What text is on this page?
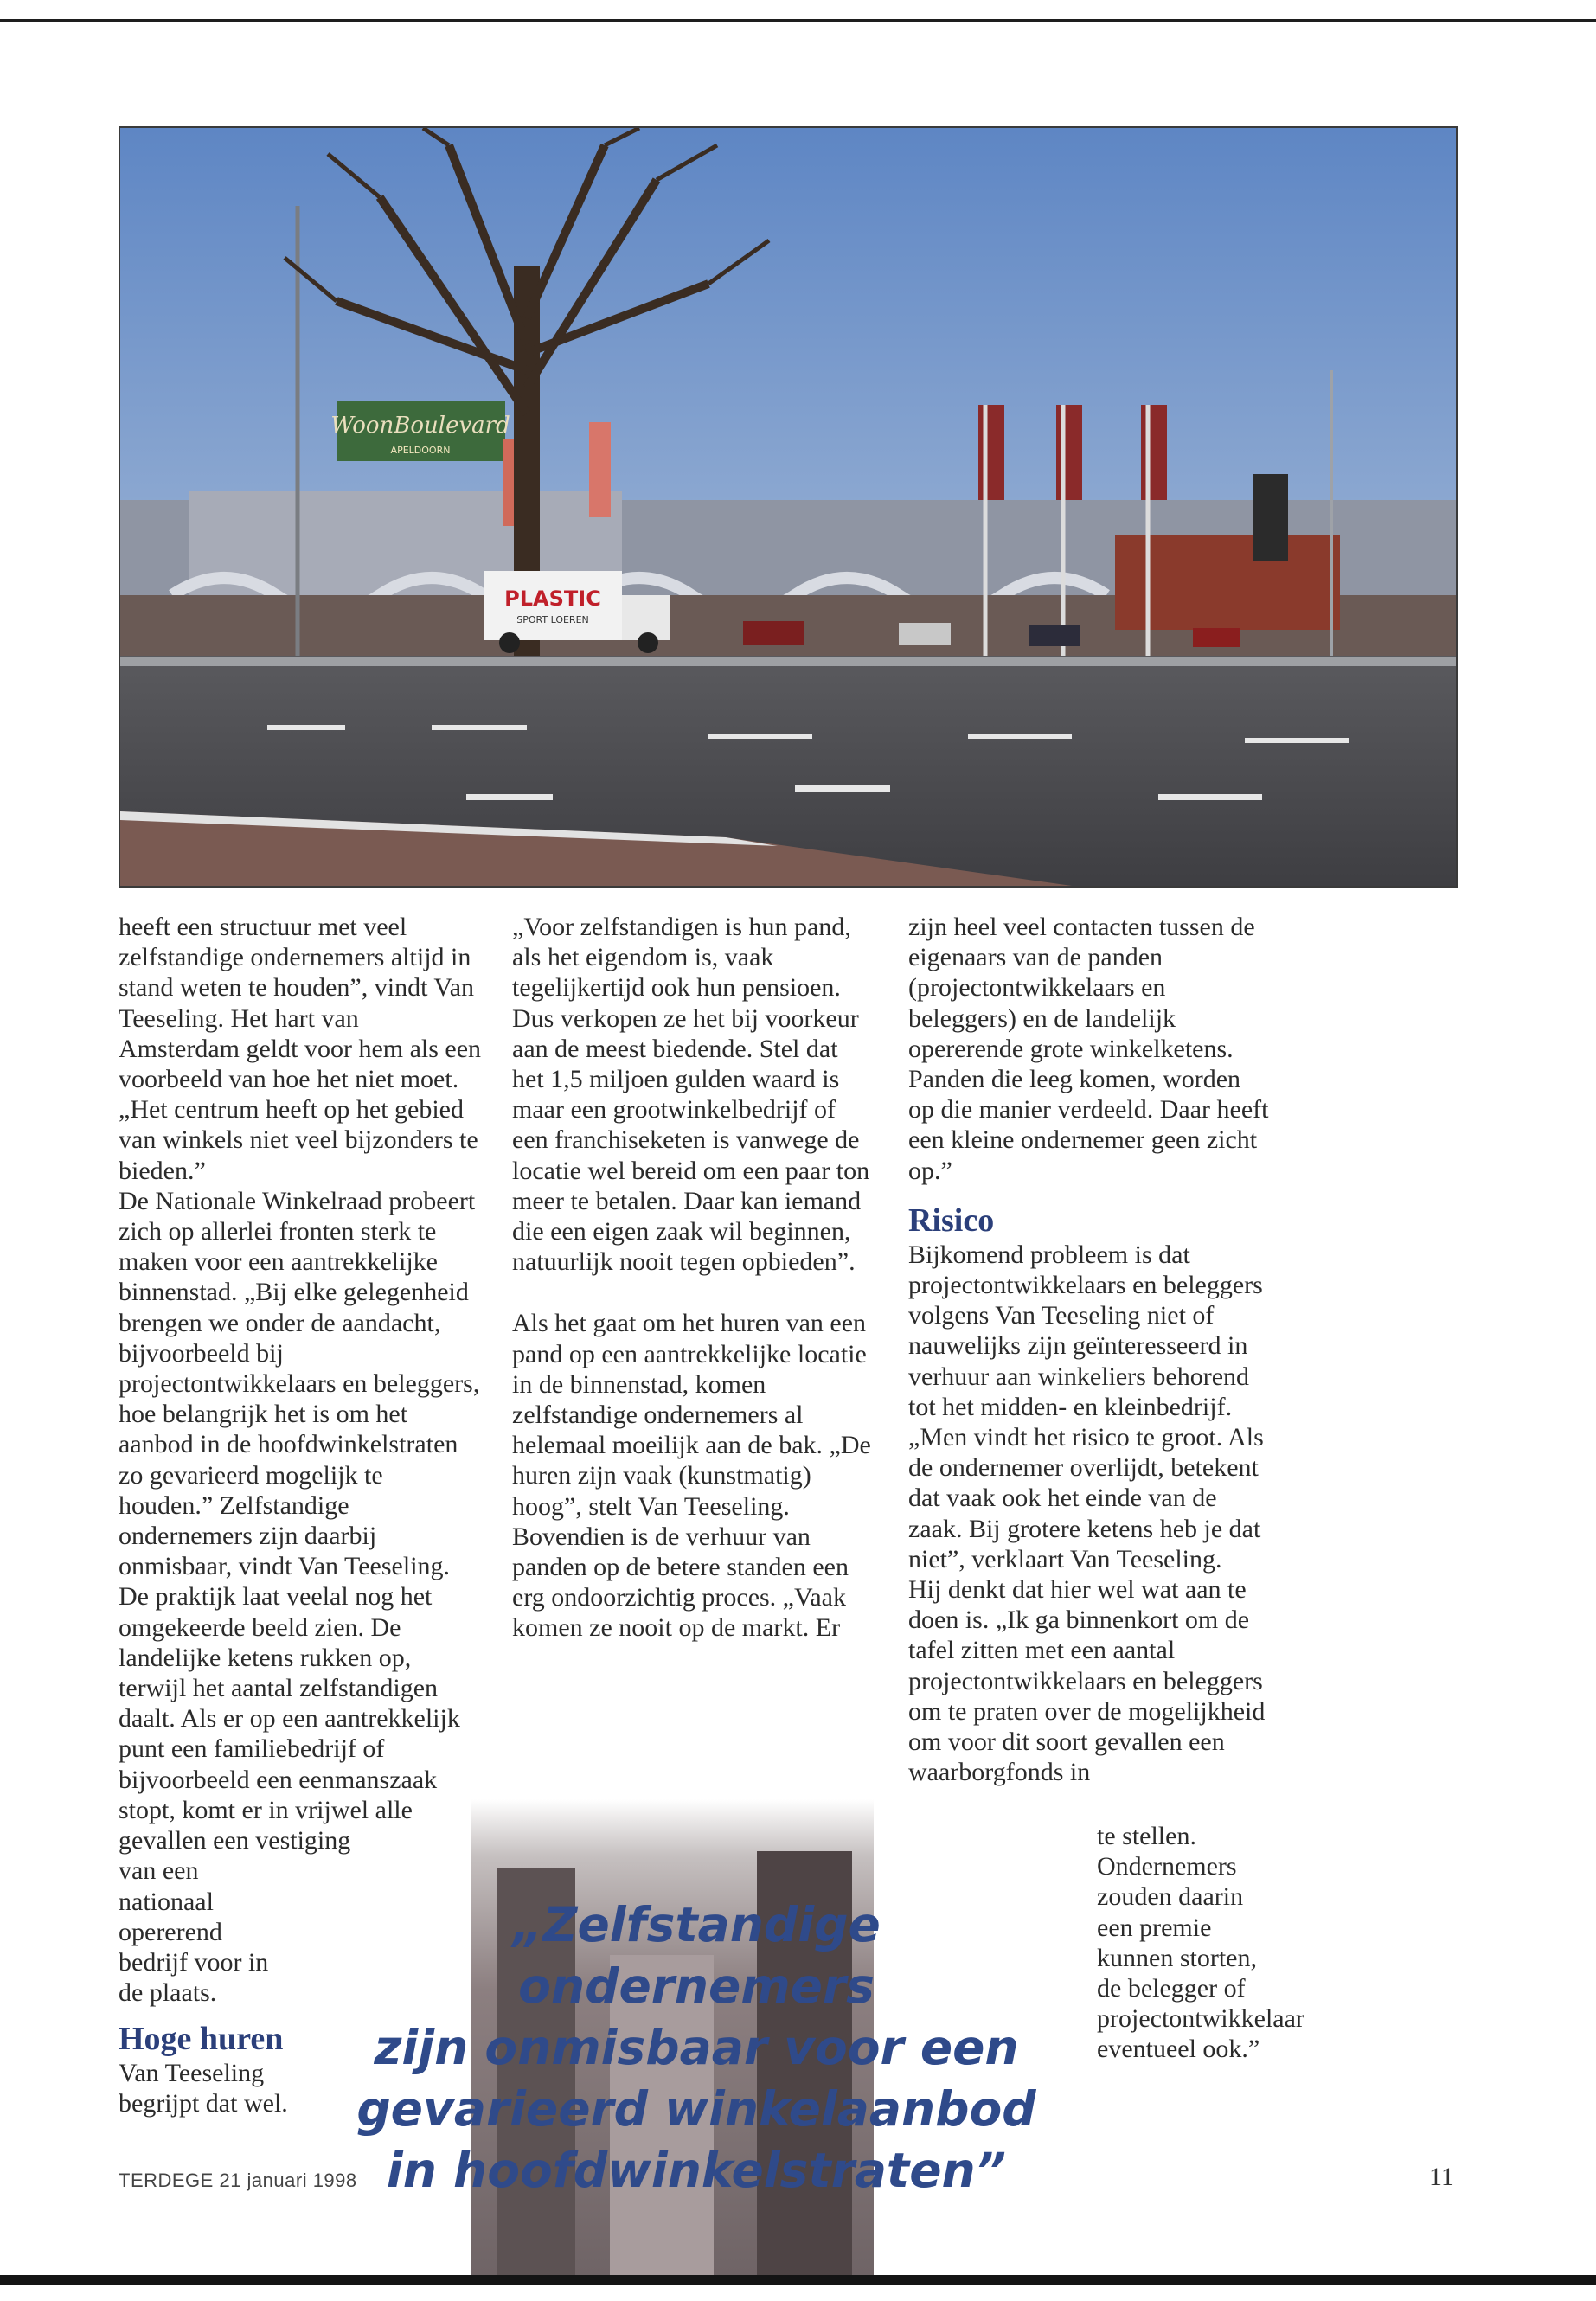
WoonBoulevard
APELDOORN
PLASTIC
SPORT LOEREN

heeft een structuur met veel zelfstandige ondernemers altijd in stand weten te houden”, vindt Van Teeseling. Het hart van Amsterdam geldt voor hem als een voorbeeld van hoe het niet moet. „Het centrum heeft op het gebied van winkels niet veel bijzonders te bieden.”

De Nationale Winkelraad probeert zich op allerlei fronten sterk te maken voor een aantrekkelijke binnenstad. „Bij elke gelegenheid brengen we onder de aandacht, bijvoorbeeld bij projectontwikkelaars en beleggers, hoe belangrijk het is om het aanbod in de hoofdwinkelstraten zo gevarieerd mogelijk te houden.” Zelfstandige ondernemers zijn daarbij onmisbaar, vindt Van Teeseling.

De praktijk laat veelal nog het omgekeerde beeld zien. De landelijke ketens rukken op, terwijl het aantal zelfstandigen daalt. Als er op een aantrekkelijk punt een familiebedrijf of bijvoorbeeld een eenmanszaak stopt, komt er in vrijwel alle gevallen een vestiging

van een nationaal opererend bedrijf voor in de plaats.

Hoge huren

Van Teeseling begrijpt dat wel.

„Voor zelfstandigen is hun pand, als het eigendom is, vaak tegelijkertijd ook hun pensioen. Dus verkopen ze het bij voorkeur aan de meest biedende. Stel dat het 1,5 miljoen gulden waard is maar een grootwinkelbedrijf of een franchiseketen is vanwege de locatie wel bereid om een paar ton meer te betalen. Daar kan iemand die een eigen zaak wil beginnen, natuurlijk nooit tegen opbieden”.

Als het gaat om het huren van een pand op een aantrekkelijke locatie in de binnenstad, komen zelfstandige ondernemers al helemaal moeilijk aan de bak. „De huren zijn vaak (kunstmatig) hoog”, stelt Van Teeseling. Bovendien is de verhuur van panden op de betere standen een erg ondoorzichtig proces. „Vaak komen ze nooit op de markt. Er

zijn heel veel contacten tussen de eigenaars van de panden (projectontwikkelaars en beleggers) en de landelijk opererende grote winkelketens. Panden die leeg komen, worden op die manier verdeeld. Daar heeft een kleine ondernemer geen zicht op.”

Risico

Bijkomend probleem is dat projectontwikkelaars en beleggers volgens Van Teeseling niet of nauwelijks zijn geïnteresseerd in verhuur aan winkeliers behorend tot het midden- en kleinbedrijf. „Men vindt het risico te groot. Als de ondernemer overlijdt, betekent dat vaak ook het einde van de zaak. Bij grotere ketens heb je dat niet”, verklaart Van Teeseling.

Hij denkt dat hier wel wat aan te doen is. „Ik ga binnenkort om de tafel zitten met een aantal projectontwikkelaars en beleggers om te praten over de mogelijkheid om voor dit soort gevallen een waarborgfonds in

te stellen. Ondernemers zouden daarin een premie kunnen storten, de belegger of projectontwikkelaar eventueel ook.”

„Zelfstandige ondernemers
zijn onmisbaar voor een
gevarieerd winkelaanbod
in hoofdwinkelstraten”
TERDEGE 21 januari 1998	11
